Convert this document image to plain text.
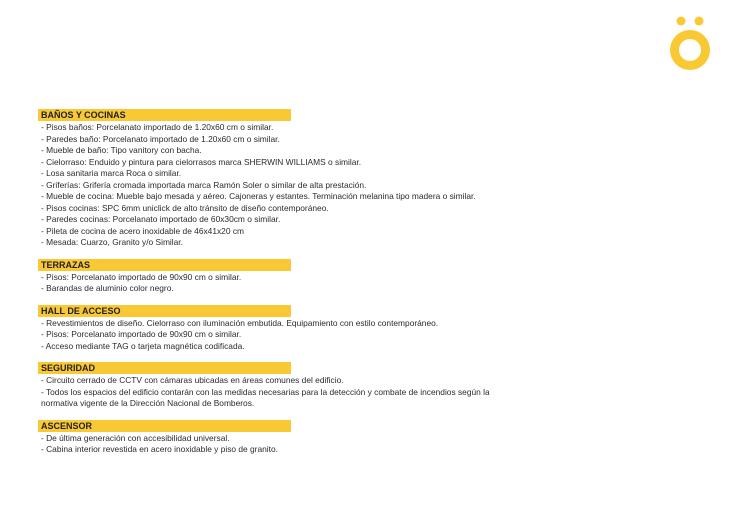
BAÑOS Y COCINAS
- Pisos baños: Porcelanato importado de 1.20x60 cm o similar.
- Paredes baño: Porcelanato importado de 1.20x60 cm o similar.
- Mueble de baño: Tipo vanitory con bacha.
- Cielorraso: Enduido y pintura para cielorrasos marca SHERWIN WILLIAMS o similar.
- Losa sanitaria marca Roca o similar.
- Griferías: Grifería cromada importada marca Ramón Soler o similar de alta prestación.
- Mueble de cocina: Mueble bajo mesada y aéreo. Cajoneras y estantes. Terminación melanina tipo madera o similar.
- Pisos cocinas: SPC 6mm uniclick de alto tránsito de diseño contemporáneo.
- Paredes cocinas: Porcelanato importado de 60x30cm o similar.
- Pileta de cocina de acero inoxidable de 46x41x20 cm
- Mesada: Cuarzo, Granito y/o Similar.
TERRAZAS
- Pisos: Porcelanato importado de 90x90 cm o similar.
- Barandas de aluminio color negro.
HALL DE ACCESO
- Revestimientos de diseño. Cielorraso con iluminación embutida. Equipamiento con estilo contemporáneo.
- Pisos: Porcelanato importado de 90x90 cm o similar.
- Acceso mediante TAG o tarjeta magnética codificada.
SEGURIDAD
- Circuito cerrado de CCTV con cámaras ubicadas en áreas comunes del edificio.
- Todos los espacios del edificio contarán con las medidas necesarias para la detección y combate de incendios según la
normativa vigente de la Dirección Nacional de Bomberos.
ASCENSOR
- De última generación con accesibilidad universal.
- Cabina interior revestida en acero inoxidable y piso de granito.
